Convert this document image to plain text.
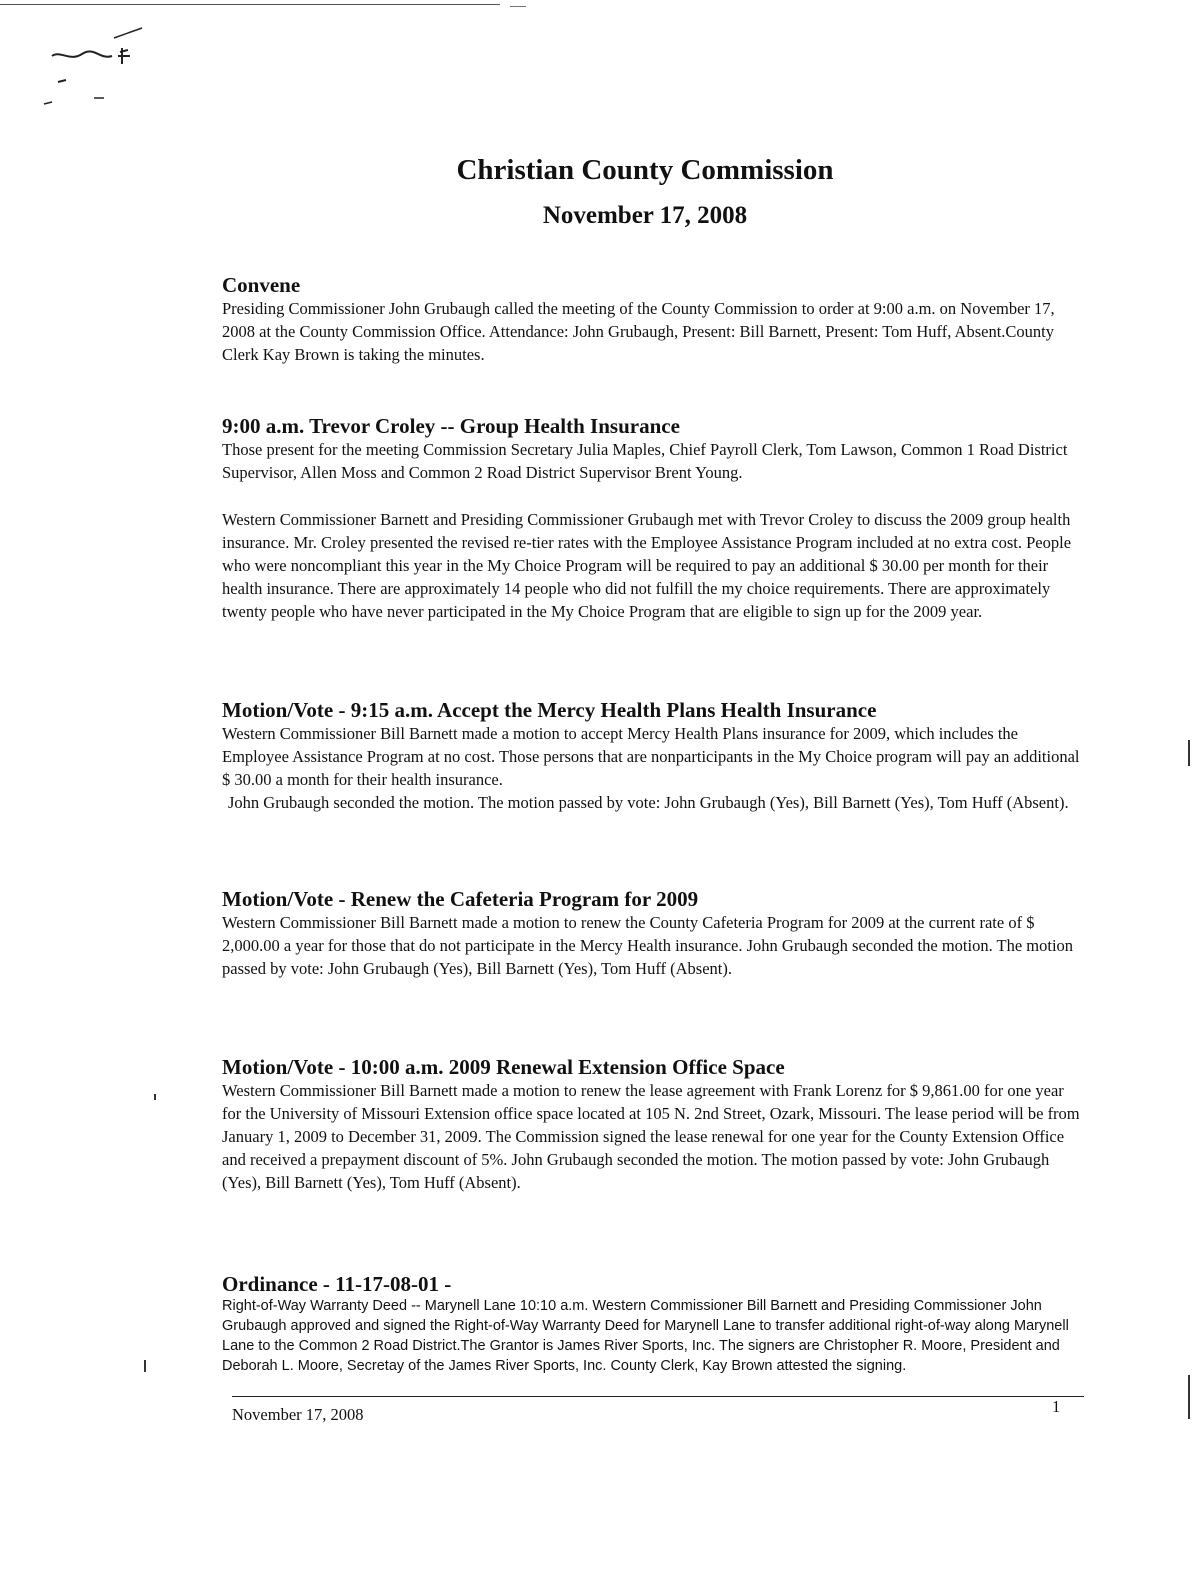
Christian County Commission
November 17, 2008
Convene

Presiding Commissioner John Grubaugh called the meeting of the County Commission to order at 9:00 a.m. on November 17, 2008 at the County Commission Office. Attendance: John Grubaugh, Present: Bill Barnett, Present: Tom Huff, Absent.County Clerk Kay Brown is taking the minutes.

9:00 a.m. Trevor Croley -- Group Health Insurance

Those present for the meeting Commission Secretary Julia Maples, Chief Payroll Clerk, Tom Lawson, Common 1 Road District Supervisor, Allen Moss and Common 2 Road District Supervisor Brent Young.

Western Commissioner Barnett and Presiding Commissioner Grubaugh met with Trevor Croley to discuss the 2009 group health insurance. Mr. Croley presented the revised re-tier rates with the Employee Assistance Program included at no extra cost. People who were noncompliant this year in the My Choice Program will be required to pay an additional $ 30.00 per month for their health insurance. There are approximately 14 people who did not fulfill the my choice requirements. There are approximately twenty people who have never participated in the My Choice Program that are eligible to sign up for the 2009 year.

Motion/Vote - 9:15 a.m. Accept the Mercy Health Plans Health Insurance

Western Commissioner Bill Barnett made a motion to accept Mercy Health Plans insurance for 2009, which includes the Employee Assistance Program at no cost. Those persons that are nonparticipants in the My Choice program will pay an additional $ 30.00 a month for their health insurance.

John Grubaugh seconded the motion. The motion passed by vote: John Grubaugh (Yes), Bill Barnett (Yes), Tom Huff (Absent).

Motion/Vote - Renew the Cafeteria Program for 2009

Western Commissioner Bill Barnett made a motion to renew the County Cafeteria Program for 2009 at the current rate of $ 2,000.00 a year for those that do not participate in the Mercy Health insurance. John Grubaugh seconded the motion. The motion passed by vote: John Grubaugh (Yes), Bill Barnett (Yes), Tom Huff (Absent).

Motion/Vote - 10:00 a.m. 2009 Renewal Extension Office Space

Western Commissioner Bill Barnett made a motion to renew the lease agreement with Frank Lorenz for $ 9,861.00 for one year for the University of Missouri Extension office space located at 105 N. 2nd Street, Ozark, Missouri. The lease period will be from January 1, 2009 to December 31, 2009. The Commission signed the lease renewal for one year for the County Extension Office and received a prepayment discount of 5%. John Grubaugh seconded the motion. The motion passed by vote: John Grubaugh (Yes), Bill Barnett (Yes), Tom Huff (Absent).

Ordinance - 11-17-08-01 -

Right-of-Way Warranty Deed -- Marynell Lane 10:10 a.m. Western Commissioner Bill Barnett and Presiding Commissioner John Grubaugh approved and signed the Right-of-Way Warranty Deed for Marynell Lane to transfer additional right-of-way along Marynell Lane to the Common 2 Road District.The Grantor is James River Sports, Inc. The signers are Christopher R. Moore, President and Deborah L. Moore, Secretay of the James River Sports, Inc. County Clerk, Kay Brown attested the signing.

November 17, 2008	1
